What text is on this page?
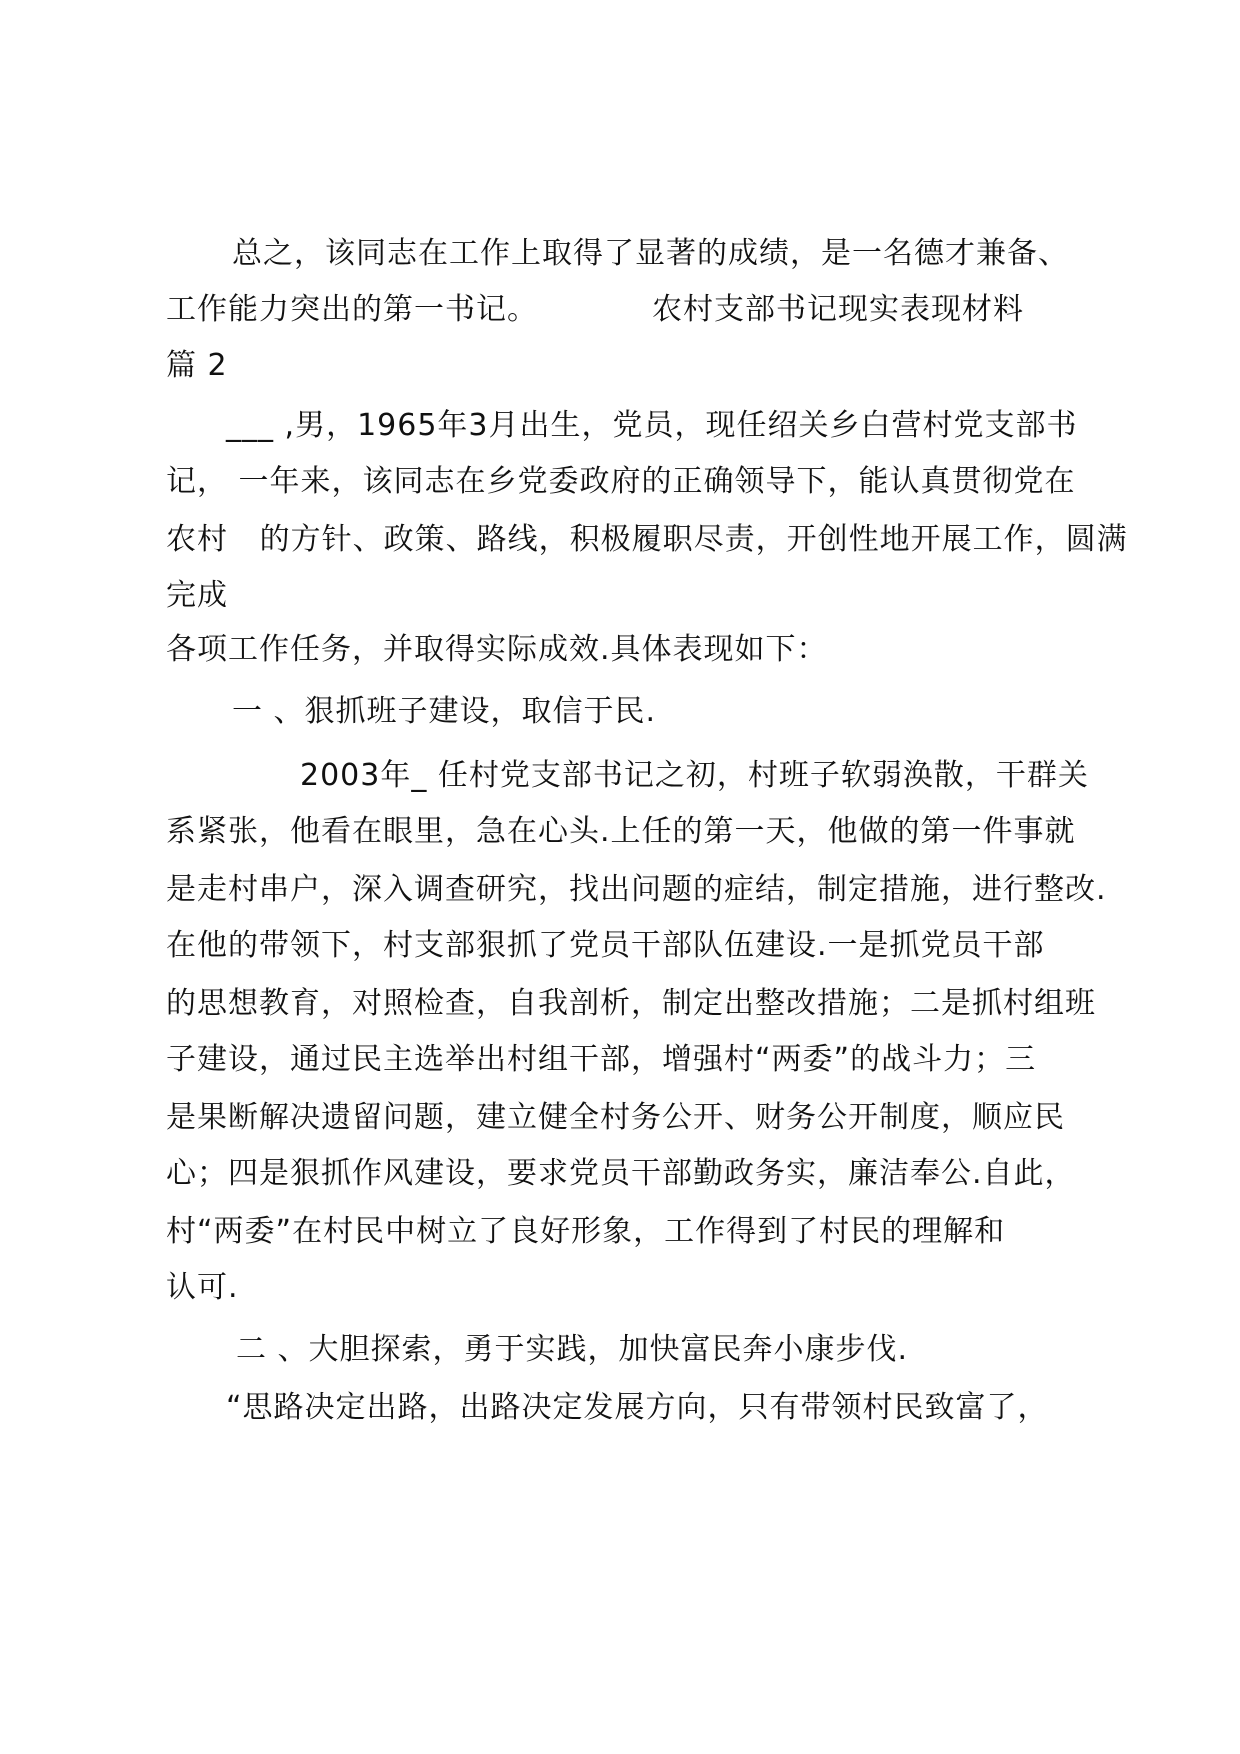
总之，该同志在工作上取得了显著的成绩，是一名德才兼备、
工作能力突出的第一书记。	农村支部书记现实表现材料
篇 2
___ ,男，1965年3月出生，党员，现任绍关乡白营村党支部书
记， 一年来，该同志在乡党委政府的正确领导下，能认真贯彻党在
农村   的方针、政策、路线，积极履职尽责，开创性地开展工作，圆满
完成
各项工作任务，并取得实际成效.具体表现如下：
一 、狠抓班子建设，取信于民.
2003年_ 任村党支部书记之初，村班子软弱涣散，干群关
系紧张，他看在眼里，急在心头.上任的第一天，他做的第一件事就
是走村串户，深入调查研究，找出问题的症结，制定措施，进行整改.
在他的带领下，村支部狠抓了党员干部队伍建设.一是抓党员干部
的思想教育，对照检查，自我剖析，制定出整改措施；二是抓村组班
子建设，通过民主选举出村组干部，增强村“两委”的战斗力；三
是果断解决遗留问题，建立健全村务公开、财务公开制度，顺应民
心；四是狠抓作风建设，要求党员干部勤政务实，廉洁奉公.自此，
村“两委”在村民中树立了良好形象，工作得到了村民的理解和
认可.
二 、大胆探索，勇于实践，加快富民奔小康步伐.
“思路决定出路，出路决定发展方向，只有带领村民致富了，
